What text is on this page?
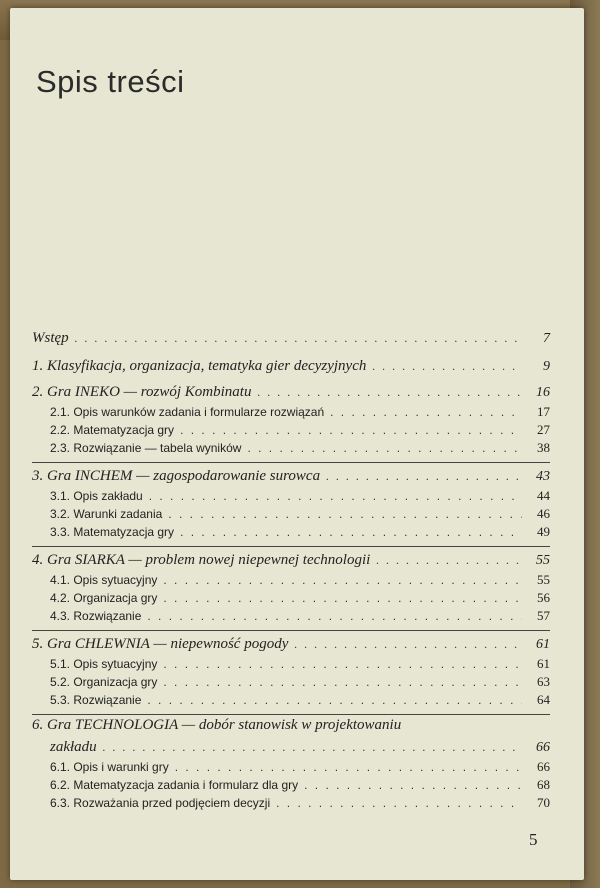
Spis treści
Wstęp . . .	7
1. Klasyfikacja, organizacja, tematyka gier decyzyjnych . . .	9
2. Gra INEKO — rozwój Kombinatu . . .	16
2.1. Opis warunków zadania i formularze rozwiązań . . .	17
2.2. Matematyzacja gry . . .	27
2.3. Rozwiązanie — tabela wyników . . .	38
3. Gra INCHEM — zagospodarowanie surowca . . .	43
3.1. Opis zakładu . . .	44
3.2. Warunki zadania . . .	46
3.3. Matematyzacja gry . . .	49
4. Gra SIARKA — problem nowej niepewnej technologii . . .	55
4.1. Opis sytuacyjny . . .	55
4.2. Organizacja gry . . .	56
4.3. Rozwiązanie . . .	57
5. Gra CHLEWNIA — niepewność pogody . . .	61
5.1. Opis sytuacyjny . . .	61
5.2. Organizacja gry . . .	63
5.3. Rozwiązanie . . .	64
6. Gra TECHNOLOGIA — dobór stanowisk w projektowaniu
zakładu . . .	66
6.1. Opis i warunki gry . . .	66
6.2. Matematyzacja zadania i formularz dla gry . . .	68
6.3. Rozważania przed podjęciem decyzji . . .	70
5
